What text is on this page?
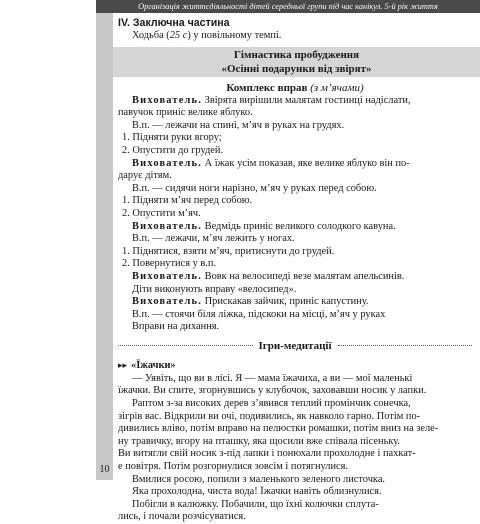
Організація життєдіяльності дітей середньої групи під час канікул. 5-й рік життя
IV. Заключна частина
Ходьба (25 с) у повільному темпі.
Гімнастика пробудження
«Осінні подарунки від звірят»
Комплекс вправ (з м’ячами)
Вихователь. Звірята вирішили малятам гостинці надіслати,
павучок приніс велике яблуко.
В.п. — лежачи на спині, м’яч в руках на грудях.
1. Підняти руки вгору;
2. Опустити до грудей.
Вихователь. А їжак усім показав, яке велике яблуко він по-
дарує дітям.
В.п. — сидячи ноги нарізно, м’яч у руках перед собою.
1. Підняти м’яч перед собою.
2. Опустити м’яч.
Вихователь. Ведмідь приніс великого солодкого кавуна.
В.п. — лежачи, м’яч лежить у ногах.
1. Піднятися, взяти м’яч, притиснути до грудей.
2. Повернутися у в.п.
Вихователь. Вовк на велосипеді везе малятам апельсинів.
Діти виконують вправу «велосипед».
Вихователь. Прискакав зайчик, приніс капустину.
В.п. — стоячи біля ліжка, підскоки на місці, м’яч у руках
Вправи на дихання.
Ігри-медитації
▸▸ «Їжачки»
— Уявіть, що ви в лісі. Я — мама їжачиха, а ви — мої маленькі
їжачки. Ви спите, згорнувшись у клубочок, заховавши носик у лапки.
Раптом з-за високих дерев з’явився теплий промінчик сонечка,
зігрів вас. Відкрили ви очі, подивились, як навколо гарно. Потім по-
дивились вліво, потім вправо на пелюстки ромашки, потім вниз на зеле-
ну травичку, вгору на пташку, яка щосили вже співала пісеньку.
Ви витягли свій носик з-під лапки і понюхали прохолодне і пахкат-
е повітря. Потім розгорнулися зовсім і потягнулися.
Вмилися росою, попили з маленького зеленого листочка.
Яка прохолодна, чиста вода! Їжачки навіть облизнулися.
Побігли в калюжку. Побачили, що їхні колючки сплута-
лись, і почали розчісуватися.
10
